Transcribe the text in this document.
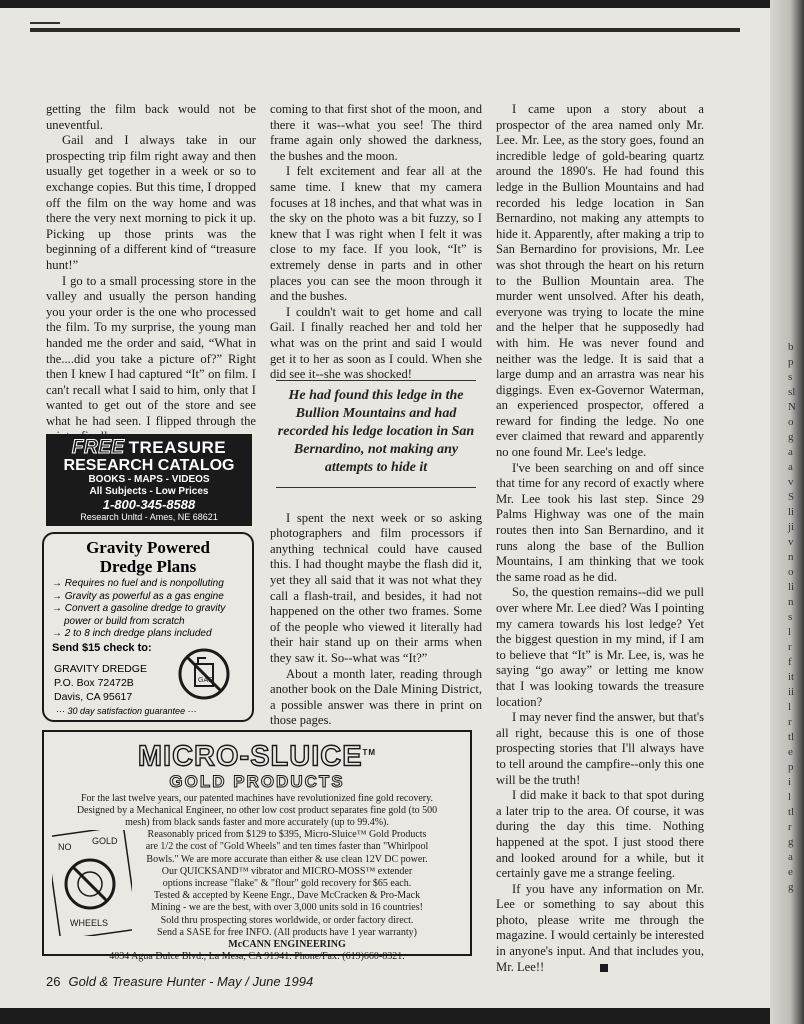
getting the film back would not be uneventful.

Gail and I always take in our prospecting trip film right away and then usually get together in a week or so to exchange copies. But this time, I dropped off the film on the way home and was there the very next morning to pick it up. Picking up those prints was the beginning of a different kind of “treasure hunt!”

I go to a small processing store in the valley and usually the person handing you your order is the one who processed the film. To my surprise, the young man handed me the order and said, “What in the....did you take a picture of?” Right then I knew I had captured “It” on film. I can't recall what I said to him, only that I wanted to get out of the store and see what he had seen. I flipped through the

coming to that first shot of the moon, and there it was--what you see! The third frame again only showed the darkness, the bushes and the moon.

I felt excitement and fear all at the same time. I knew that my camera focuses at 18 inches, and that what was in the sky on the photo was a bit fuzzy, so I knew that I was right when I felt it was close to my face. If you look, “It” is extremely dense in parts and in other places you can see the moon through it and the bushes.

I couldn't wait to get home and call Gail. I finally reached her and told her what was on the print and said I would get it to her as soon as I could. When she did see it--she was shocked!

I spent the next week or so asking photographers and film processors if anything technical could have caused this. I had thought maybe the flash did it, yet they all said that it was not what they call a flash-trail, and besides, it had not happened on the other two frames. Some of the people who viewed it literally had their hair stand up on their arms when they saw it. So--what was “It?”

About a month later, reading through another book on the Dale Mining District, a possible answer was there in print on those pages.

He had found this ledge in the Bullion Mountains and had recorded his ledge location in San Bernardino, not making any attempts to hide it

I came upon a story about a prospector of the area named only Mr. Lee. Mr. Lee, as the story goes, found an incredible ledge of gold-bearing quartz around the 1890's. He had found this ledge in the Bullion Mountains and had recorded his ledge location in San Bernardino, not making any attempts to hide it. Apparently, after making a trip to San Bernardino for provisions, Mr. Lee was shot through the heart on his return to the Bullion Mountain area. The murder went unsolved. After his death, everyone was trying to locate the mine and the helper that he supposedly had with him. He was never found and neither was the ledge. It is said that a large dump and an arrastra was near his diggings. Even ex-Governor Waterman, an experienced prospector, offered a reward for finding the ledge. No one ever claimed that reward and apparently no one found Mr. Lee's ledge.

I've been searching on and off since that time for any record of exactly where Mr. Lee took his last step. Since 29 Palms Highway was one of the main routes then into San Bernardino, and it runs along the base of the Bullion Mountains, I am thinking that we took the same road as he did.

So, the question remains--did we pull over where Mr. Lee died? Was I pointing my camera towards his lost ledge? Yet the biggest question in my mind, if I am to believe that “It” is Mr. Lee, is, was he saying “go away” or letting me know that I was looking towards the treasure location?

I may never find the answer, but that's all right, because this is one of those prospecting stories that I'll always have to tell around the campfire--only this one will be the truth!

I did make it back to that spot during a later trip to the area. Of course, it was during the day this time. Nothing happened at the spot. I just stood there and looked around for a while, but it certainly gave me a strange feeling.

If you have any information on Mr. Lee or something to say about this photo, please write me through the magazine. I would certainly be interested in anyone's input. And that includes you, Mr. Lee!!

FREE TREASURE
RESEARCH CATALOG
BOOKS - MAPS - VIDEOS
All Subjects - Low Prices
1-800-345-8588
Research Unltd - Ames, NE 68621
Gravity Powered
Dredge Plans
→ Requires no fuel and is nonpolluting
→ Gravity as powerful as a gas engine
→ Convert a gasoline dredge to gravity
power or build from scratch
→ 2 to 8 inch dredge plans included
Send $15 check to:
GRAVITY DREDGE
P.O. Box 72472B
Davis, CA 95617
··· 30 day satisfaction guarantee ···
GAS
MICRO-SLUICE™
GOLD PRODUCTS
For the last twelve years, our patented machines have revolutionized fine gold recovery.
Designed by a Mechanical Engineer, no other low cost product separates fine gold (to 500
mesh) from black sands faster and more accurately (up to 99.4%).
Reasonably priced from $129 to $395, Micro-Sluice™ Gold Products
are 1/2 the cost of "Gold Wheels" and ten times faster than "Whirlpool
Bowls." We are more accurate than either & use clean 12V DC power.
Our QUICKSAND™ vibrator and MICRO-MOSS™ extender
options increase "flake" & "flour" gold recovery for $65 each.
Tested & accepted by Keene Engr., Dave McCracken & Pro-Mack
Mining - we are the best, with over 3,000 units sold in 16 countries!
Sold thru prospecting stores worldwide, or order factory direct.
Send a SASE for free INFO. (All products have 1 year warranty)
McCANN ENGINEERING
4034 Agua Dulce Blvd., La Mesa, CA 91941. Phone/Fax: (619)660-8321.
NO
GOLD
WHEELS
26 Gold & Treasure Hunter - May / June 1994
b
p
s
sl
N
o
g
a
a
v
S
li
ji
v
n
o
li
n
s
l
r
f
it
ii
l
r
tl
e
p
i
l
tl
r
g
a
e
g
